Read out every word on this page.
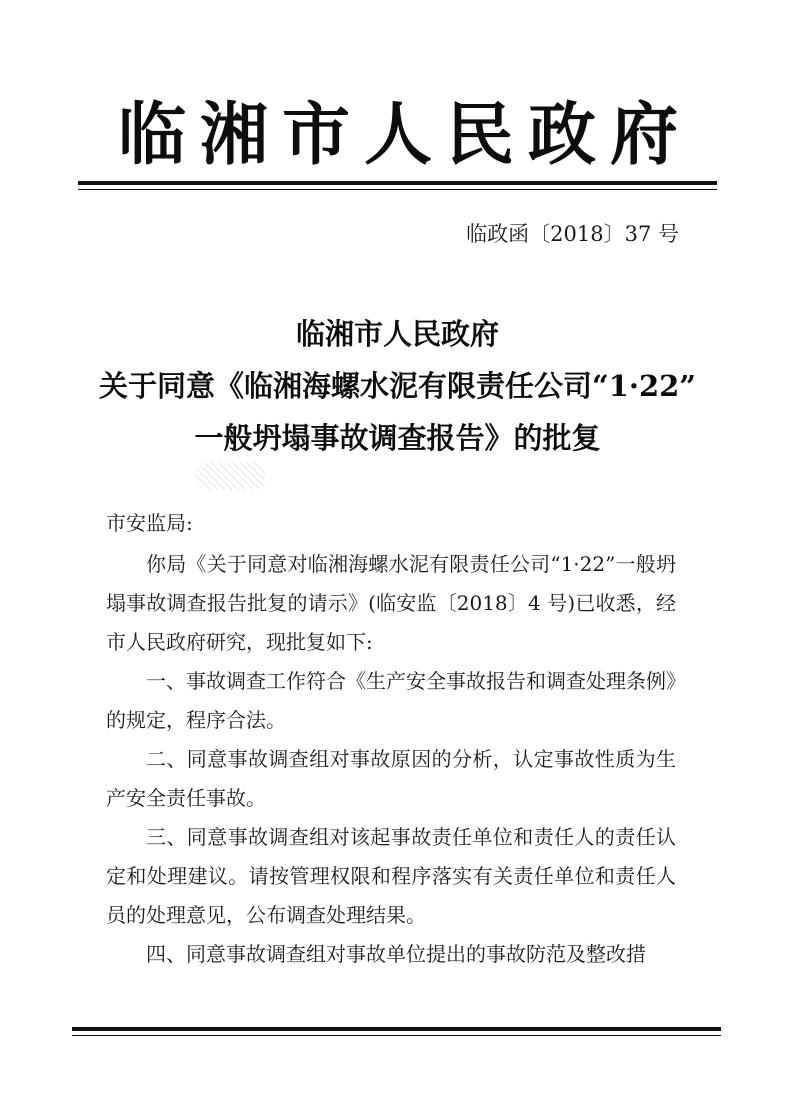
临湘市人民政府
临政函〔2018〕37 号
临湘市人民政府
关于同意《临湘海螺水泥有限责任公司“1·22”
一般坍塌事故调查报告》的批复
市安监局:

你局《关于同意对临湘海螺水泥有限责任公司“1·22”一般坍塌事故调查报告批复的请示》(临安监〔2018〕4 号)已收悉，经市人民政府研究，现批复如下:

一、事故调查工作符合《生产安全事故报告和调查处理条例》的规定，程序合法。

二、同意事故调查组对事故原因的分析，认定事故性质为生产安全责任事故。

三、同意事故调查组对该起事故责任单位和责任人的责任认定和处理建议。请按管理权限和程序落实有关责任单位和责任人员的处理意见，公布调查处理结果。

四、同意事故调查组对事故单位提出的事故防范及整改措
